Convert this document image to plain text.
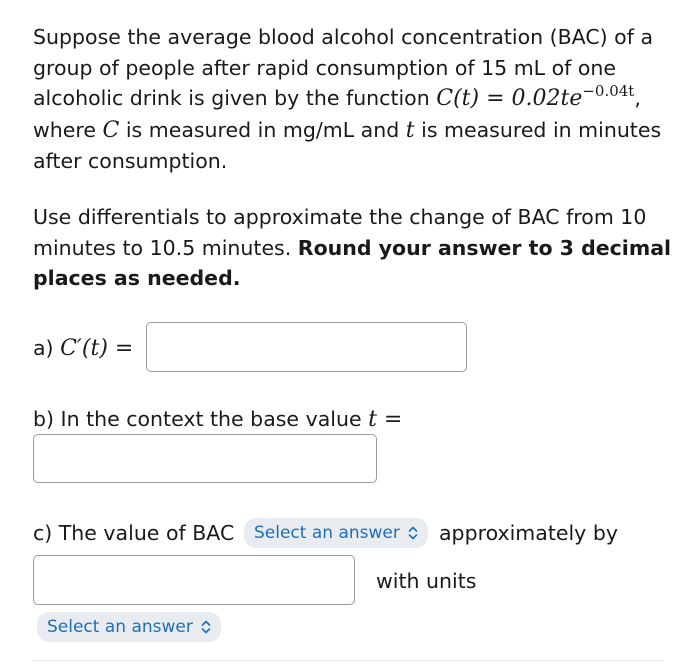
Suppose the average blood alcohol concentration (BAC) of a group of people after rapid consumption of 15 mL of one alcoholic drink is given by the function $C(t) = 0.02te^{-0.04t}$, where C is measured in mg/mL and t is measured in minutes after consumption.

Use differentials to approximate the change of BAC from 10 minutes to 10.5 minutes. Round your answer to 3 decimal places as needed.

a) C′(t) =
b) In the context the base value t =
c) The value of BAC	Select an answer	approximately by
with units
Select an answer
